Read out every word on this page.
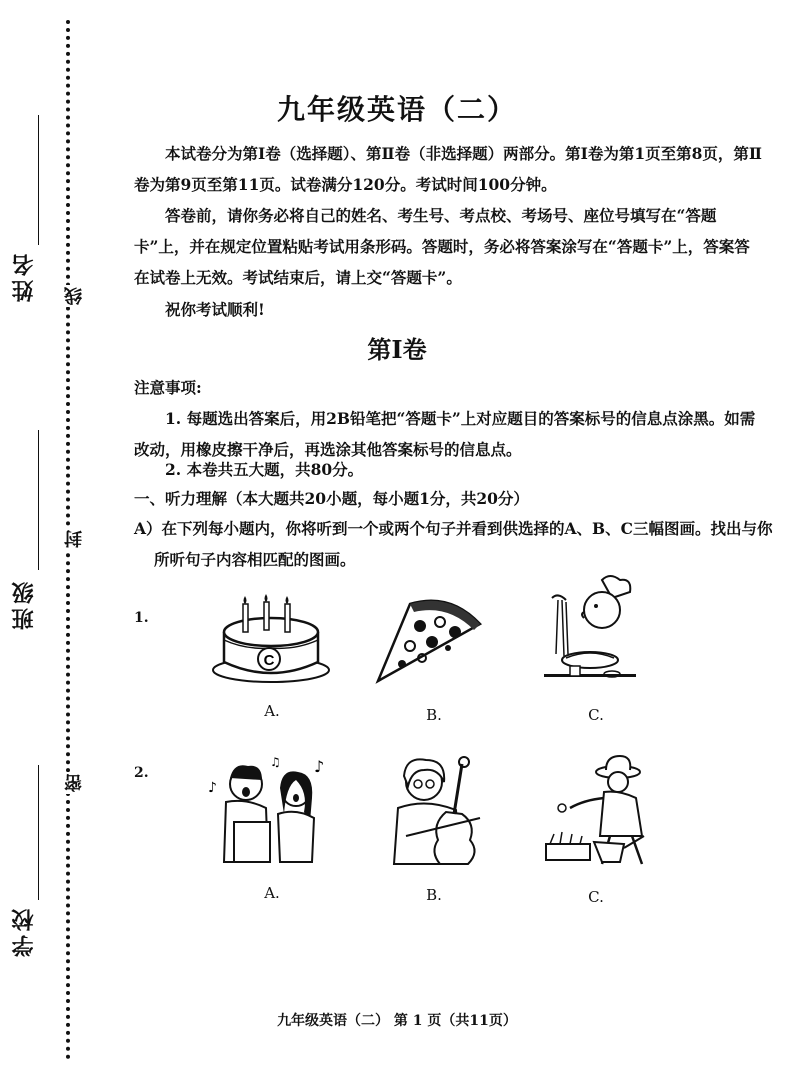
姓名
班级
学校
线
封
密
九年级英语（二）

本试卷分为第Ⅰ卷（选择题）、第Ⅱ卷（非选择题）两部分。第Ⅰ卷为第1页至第8页，第Ⅱ卷为第9页至第11页。试卷满分120分。考试时间100分钟。

答卷前，请你务必将自己的姓名、考生号、考点校、考场号、座位号填写在“答题卡”上，并在规定位置粘贴考试用条形码。答题时，务必将答案涂写在“答题卡”上，答案答在试卷上无效。考试结束后，请上交“答题卡”。

祝你考试顺利!

第Ⅰ卷

注意事项:

1. 每题选出答案后，用2B铅笔把“答题卡”上对应题目的答案标号的信息点涂黑。如需改动，用橡皮擦干净后，再选涂其他答案标号的信息点。

2. 本卷共五大题，共80分。

一、听力理解（本大题共20小题，每小题1分，共20分）

A）在下列每小题内，你将听到一个或两个句子并看到供选择的A、B、C三幅图画。找出与你所听句子内容相匹配的图画。

1.
C
A.	B.	C.
2.
♪
♪
♫
A.	B.	C.
九年级英语（二） 第 1 页（共11页）
